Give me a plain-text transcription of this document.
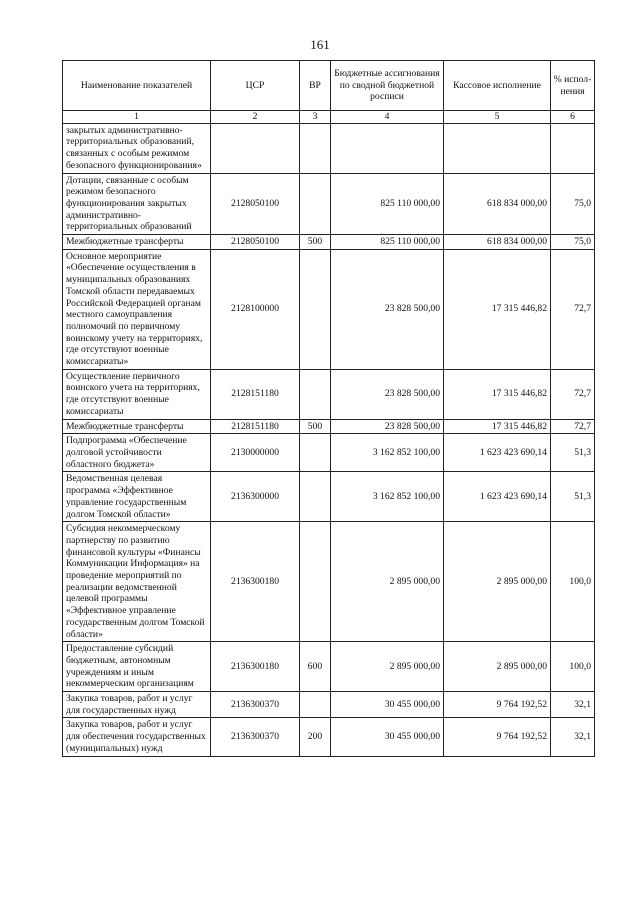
161
Наименование показателей	ЦСР	ВР	Бюджетные ассигнования по сводной бюджетной росписи	Кассовое исполнение	% испол-нения
1	2	3	4	5	6
закрытых административно-территориальных образований, связанных с особым режимом безопасного функционирования»					
Дотации, связанные с особым режимом безопасного функционирования закрытых административно-территориальных образований	2128050100		825 110 000,00	618 834 000,00	75,0
Межбюджетные трансферты	2128050100	500	825 110 000,00	618 834 000,00	75,0
Основное мероприятие «Обеспечение осуществления в муниципальных образованиях Томской области передаваемых Российской Федерацией органам местного самоуправления полномочий по первичному воинскому учету на территориях, где отсутствуют военные комиссариаты»	2128100000		23 828 500,00	17 315 446,82	72,7
Осуществление первичного воинского учета на территориях, где отсутствуют военные комиссариаты	2128151180		23 828 500,00	17 315 446,82	72,7
Межбюджетные трансферты	2128151180	500	23 828 500,00	17 315 446,82	72,7
Подпрограмма «Обеспечение долговой устойчивости областного бюджета»	2130000000		3 162 852 100,00	1 623 423 690,14	51,3
Ведомственная целевая программа «Эффективное управление государственным долгом Томской области»	2136300000		3 162 852 100,00	1 623 423 690,14	51,3
Субсидия некоммерческому партнерству по развитию финансовой культуры «Финансы Коммуникации Информация» на проведение мероприятий по реализации ведомственной целевой программы «Эффективное управление государственным долгом Томской области»	2136300180		2 895 000,00	2 895 000,00	100,0
Предоставление субсидий бюджетным, автономным учреждениям и иным некоммерческим организациям	2136300180	600	2 895 000,00	2 895 000,00	100,0
Закупка товаров, работ и услуг для государственных нужд	2136300370		30 455 000,00	9 764 192,52	32,1
Закупка товаров, работ и услуг для обеспечения государственных (муниципальных) нужд	2136300370	200	30 455 000,00	9 764 192,52	32,1
